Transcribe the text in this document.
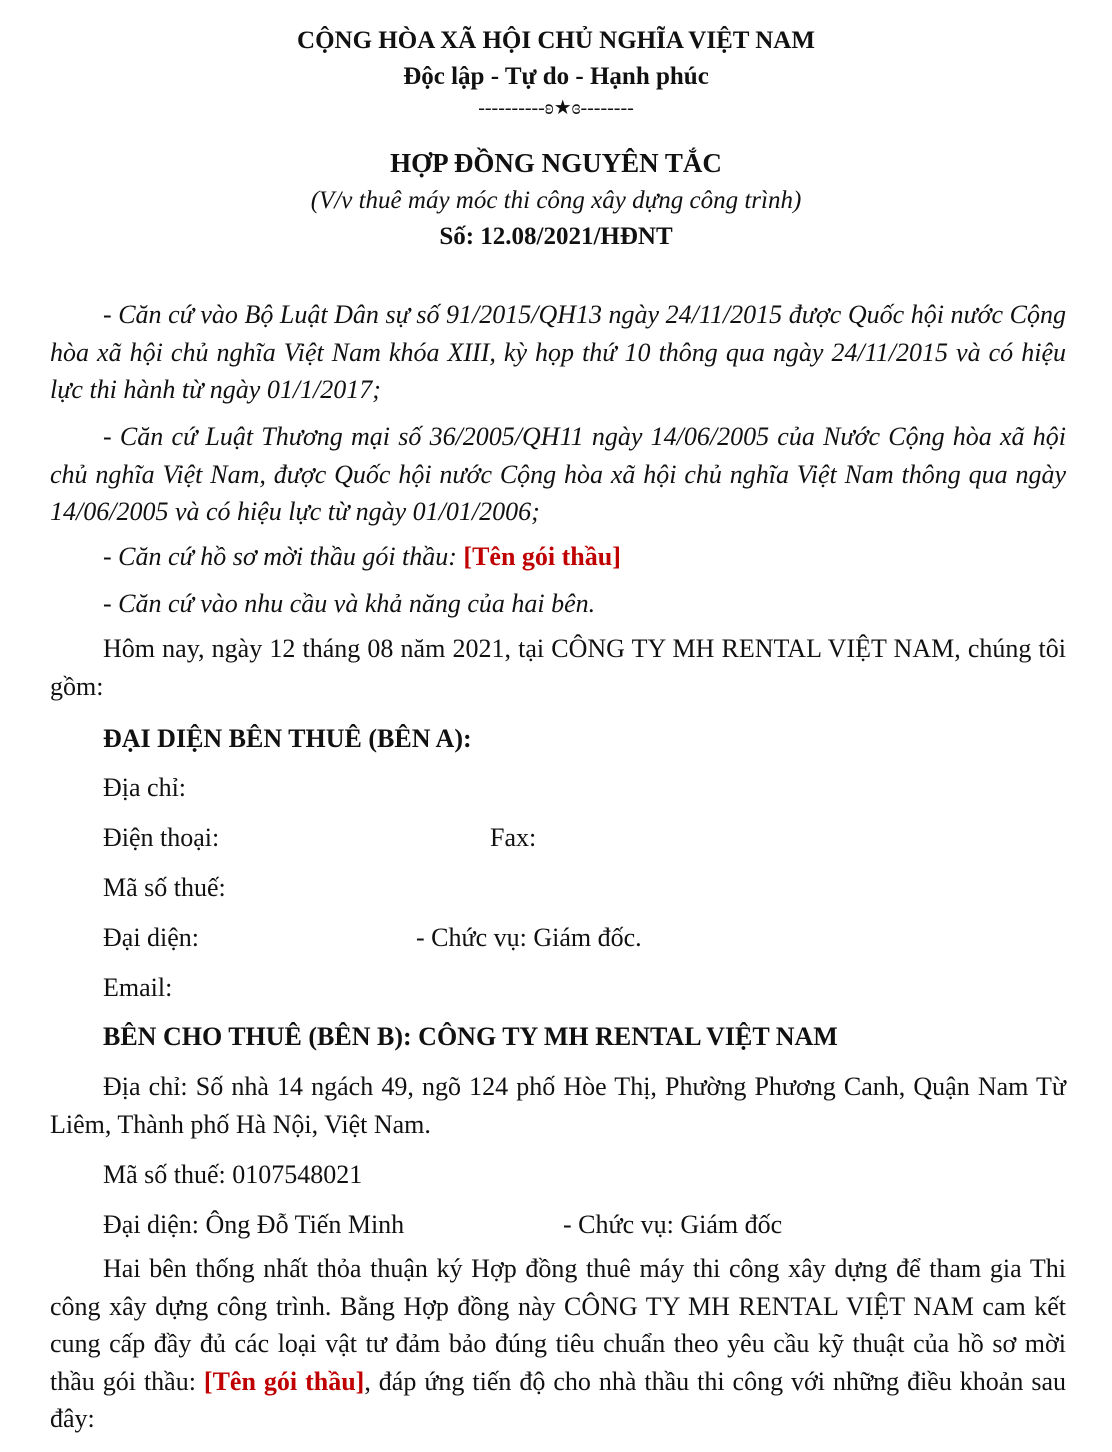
CỘNG HÒA XÃ HỘI CHỦ NGHĨA VIỆT NAM
Độc lập - Tự do - Hạnh phúc
----------ʚ★ɞ--------
HỢP ĐỒNG NGUYÊN TẮC
(V/v thuê máy móc thi công xây dựng công trình)
Số: 12.08/2021/HĐNT

- Căn cứ vào Bộ Luật Dân sự số 91/2015/QH13 ngày 24/11/2015 được Quốc hội nước Cộng hòa xã hội chủ nghĩa Việt Nam khóa XIII, kỳ họp thứ 10 thông qua ngày 24/11/2015 và có hiệu lực thi hành từ ngày 01/1/2017;

- Căn cứ Luật Thương mại số 36/2005/QH11 ngày 14/06/2005 của Nước Cộng hòa xã hội chủ nghĩa Việt Nam, được Quốc hội nước Cộng hòa xã hội chủ nghĩa Việt Nam thông qua ngày 14/06/2005 và có hiệu lực từ ngày 01/01/2006;

- Căn cứ hồ sơ mời thầu gói thầu: [Tên gói thầu]

- Căn cứ vào nhu cầu và khả năng của hai bên.

Hôm nay, ngày 12 tháng 08 năm 2021, tại CÔNG TY MH RENTAL VIỆT NAM, chúng tôi gồm:

ĐẠI DIỆN BÊN THUÊ (BÊN A):
Địa chỉ:
Điện thoại:	Fax:
Mã số thuế:
Đại diện:	- Chức vụ: Giám đốc.
Email:
BÊN CHO THUÊ (BÊN B): CÔNG TY MH RENTAL VIỆT NAM

Địa chỉ: Số nhà 14 ngách 49, ngõ 124 phố Hòe Thị, Phường Phương Canh, Quận Nam Từ Liêm, Thành phố Hà Nội, Việt Nam.

Mã số thuế: 0107548021
Đại diện: Ông Đỗ Tiến Minh	- Chức vụ: Giám đốc

Hai bên thống nhất thỏa thuận ký Hợp đồng thuê máy thi công xây dựng để tham gia Thi công xây dựng công trình. Bằng Hợp đồng này CÔNG TY MH RENTAL VIỆT NAM cam kết cung cấp đầy đủ các loại vật tư đảm bảo đúng tiêu chuẩn theo yêu cầu kỹ thuật của hồ sơ mời thầu gói thầu: [Tên gói thầu], đáp ứng tiến độ cho nhà thầu thi công với những điều khoản sau đây:
